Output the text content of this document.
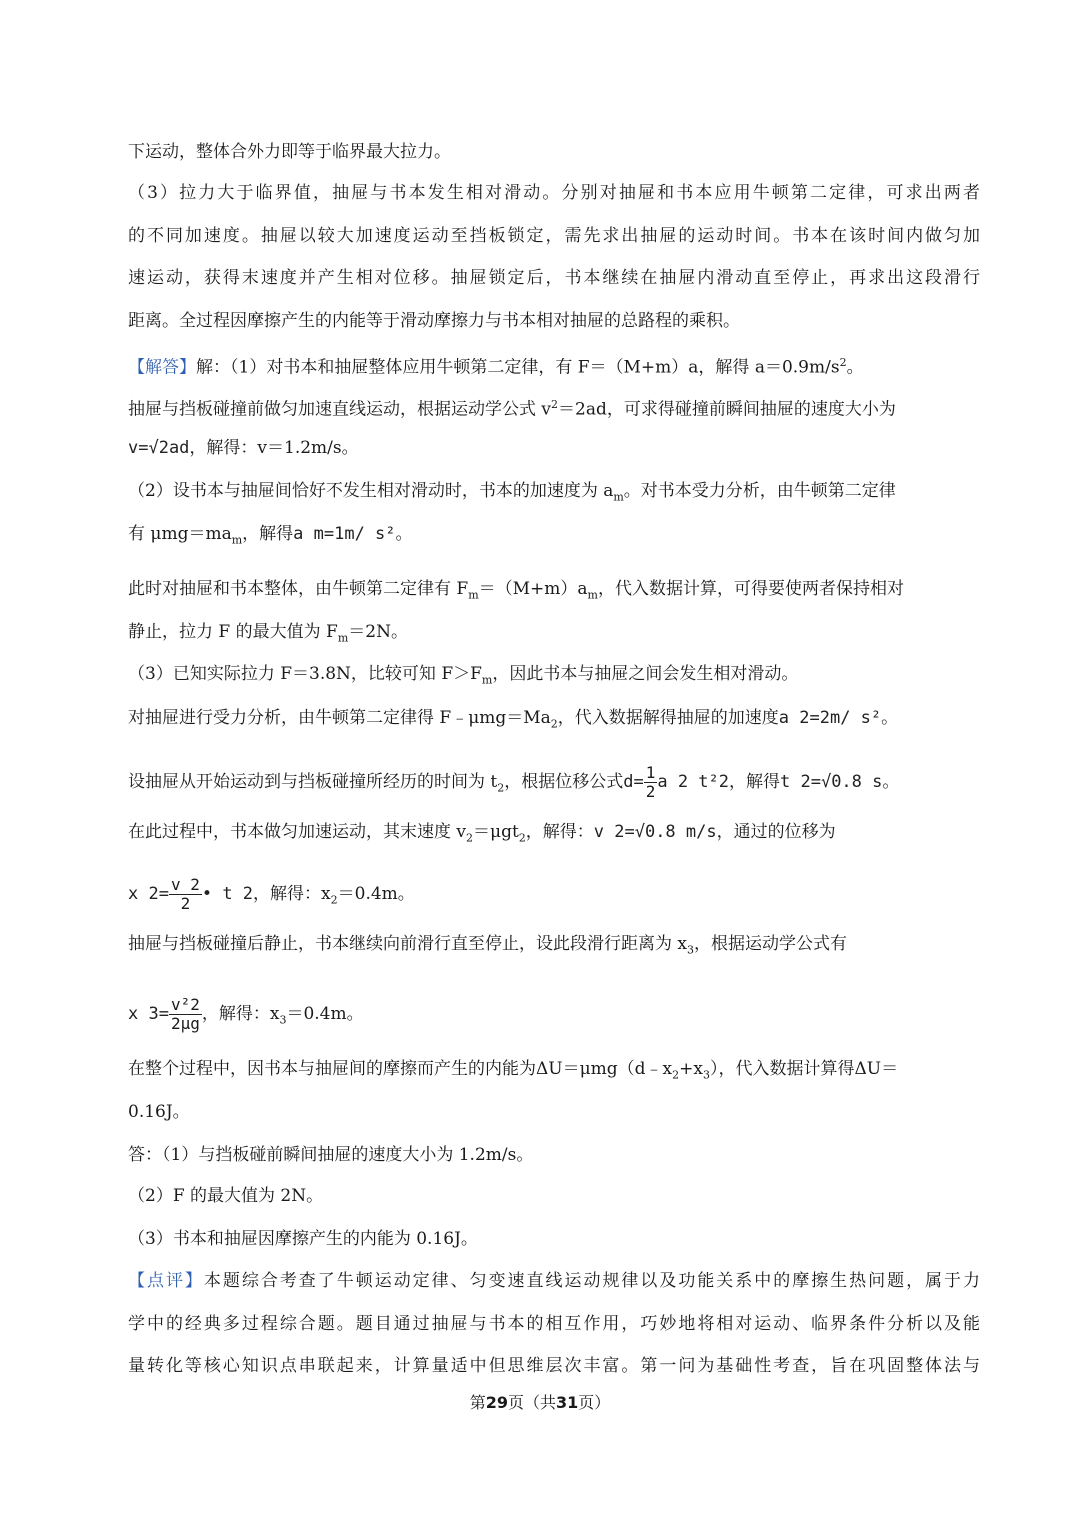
下运动，整体合外力即等于临界最大拉力。
（3）拉力大于临界值，抽屉与书本发生相对滑动。分别对抽屉和书本应用牛顿第二定律，可求出两者
的不同加速度。抽屉以较大加速度运动至挡板锁定，需先求出抽屉的运动时间。书本在该时间内做匀加
速运动，获得末速度并产生相对位移。抽屉锁定后，书本继续在抽屉内滑动直至停止，再求出这段滑行
距离。全过程因摩擦产生的内能等于滑动摩擦力与书本相对抽屉的总路程的乘积。
【解答】解：（1）对书本和抽屉整体应用牛顿第二定律，有 F＝（M+m）a，解得 $a=0.9m/s^2$。
抽屉与挡板碰撞前做匀加速直线运动，根据运动学公式 $v^2=2ad$，可求得碰撞前瞬间抽屉的速度大小为
v=√2ad，解得：v＝1.2m/s。
（2）设书本与抽屉间恰好不发生相对滑动时，书本的加速度为 $a_m$。对书本受力分析，由牛顿第二定律
有 $\mu mg=ma_m$，解得a m=1m/ s²。
此时对抽屉和书本整体，由牛顿第二定律有 $F_m=(M+m)a_m$，代入数据计算，可得要使两者保持相对
静止，拉力 F 的最大值为 $F_m=2N$。
（3）已知实际拉力 F＝3.8N，比较可知 $F>F_m$，因此书本与抽屉之间会发生相对滑动。
对抽屉进行受力分析，由牛顿第二定律得 $F﹣\mu mg=Ma_2$，代入数据解得抽屉的加速度a 2=2m/ s²。
设抽屉从开始运动到与挡板碰撞所经历的时间为 $t_2$，根据位移公式$d= \frac{1}{2}$ a 2 t²2，解得t 2=√0.8 s。
在此过程中，书本做匀加速运动，其末速度 $v_2=\mu gt_2$，解得：v 2=√0.8 m/s，通过的位移为
x $2= \frac{v 2}{2}$ • t 2，解得：$x_2=0.4m$。
抽屉与挡板碰撞后静止，书本继续向前滑行直至停止，设此段滑行距离为 $x_3$，根据运动学公式有
x $3= \frac{\text{v²2}}{2\mu g}$ ，解得：$x_3=0.4m$。
在整个过程中，因书本与抽屉间的摩擦而产生的内能为$\Delta U=\mu mg(d﹣x_2+x_3)$，代入数据计算得ΔU＝
0.16J。
答：（1）与挡板碰前瞬间抽屉的速度大小为 1.2m/s。
（2）F 的最大值为 2N。
（3）书本和抽屉因摩擦产生的内能为 0.16J。
【点评】本题综合考查了牛顿运动定律、匀变速直线运动规律以及功能关系中的摩擦生热问题，属于力
学中的经典多过程综合题。题目通过抽屉与书本的相互作用，巧妙地将相对运动、临界条件分析以及能
量转化等核心知识点串联起来，计算量适中但思维层次丰富。第一问为基础性考查，旨在巩固整体法与
第29页（共31页）
